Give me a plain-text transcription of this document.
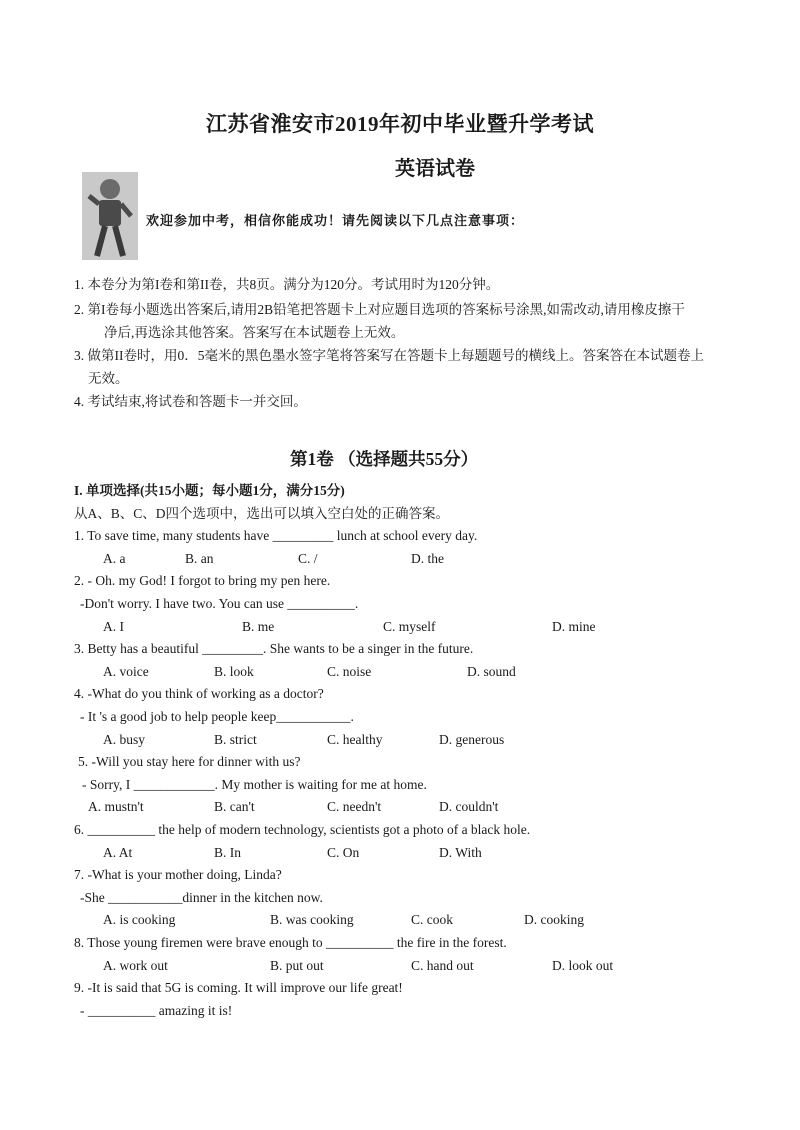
江苏省淮安市2019年初中毕业暨升学考试
英语试卷
欢迎参加中考，相信你能成功！请先阅读以下几点注意事项：
1. 本卷分为第I卷和第II卷，共8页。满分为120分。考试用时为120分钟。
2. 第I卷每小题选出答案后,请用2B铅笔把答题卡上对应题目选项的答案标号涂黑,如需改动,请用橡皮擦干
净后,再选涂其他答案。答案写在本试题卷上无效。
3. 做第II卷时，用0．5毫米的黑色墨水签字笔将答案写在答题卡上每题题号的横线上。答案答在本试题卷上
无效。
4. 考试结束,将试卷和答题卡一并交回。
第1卷 （选择题共55分）
I. 单项选择(共15小题；每小题1分，满分15分)
从A、B、C、D四个选项中，选出可以填入空白处的正确答案。
1. To save time, many students have _________ lunch at school every day.
A. a	B. an	C. /	D. the
2. - Oh. my God! I forgot to bring my pen here.
-Don't worry. I have two. You can use __________.
A. I	B. me	C. myself	D. mine
3. Betty has a beautiful _________. She wants to be a singer in the future.
A. voice	B. look	C. noise	D. sound
4. -What do you think of working as a doctor?
- It 's a good job to help people keep___________.
A. busy	B. strict	C. healthy	D. generous
5. -Will you stay here for dinner with us?
- Sorry, I ____________. My mother is waiting for me at home.
A. mustn't	B. can't	C. needn't	D. couldn't
6. __________ the help of modern technology, scientists got a photo of a black hole.
A. At	B. In	C. On	D. With
7. -What is your mother doing, Linda?
-She ___________dinner in the kitchen now.
A. is cooking	B. was cooking	C. cook	D. cooking
8. Those young firemen were brave enough to __________ the fire in the forest.
A. work out	B. put out	C. hand out	D. look out
9. -It is said that 5G is coming. It will improve our life great!
- __________ amazing it is!
